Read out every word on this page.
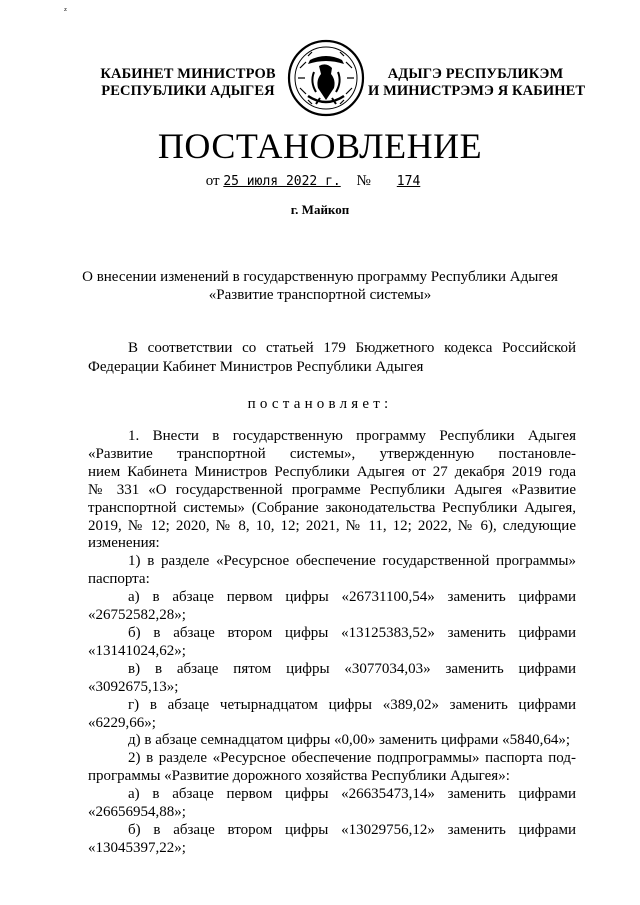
ᶻ
КАБИНЕТ МИНИСТРОВ
РЕСПУБЛИКИ АДЫГЕЯ
АДЫГЭ РЕСПУБЛИКЭМ
И МИНИСТРЭМЭ Я КАБИНЕТ
ПОСТАНОВЛЕНИЕ
от 25 июля 2022 г. № 174
г. Майкоп
О внесении изменений в государственную программу Республики Адыгея
«Развитие транспортной системы»
В соответствии со статьей 179 Бюджетного кодекса Российской
Федерации Кабинет Министров Республики Адыгея
постановляет:
1. Внести в государственную программу Республики Адыгея
«Развитие транспортной системы», утвержденную постановле-
нием Кабинета Министров Республики Адыгея от 27 декабря 2019 года
№ 331 «О государственной программе Республики Адыгея «Развитие
транспортной системы» (Собрание законодательства Республики Адыгея,
2019, № 12; 2020, № 8, 10, 12; 2021, № 11, 12; 2022, № 6), следующие
изменения:
1) в разделе «Ресурсное обеспечение государственной программы»
паспорта:
а) в абзаце первом цифры «26731100,54» заменить цифрами
«26752582,28»;
б) в абзаце втором цифры «13125383,52» заменить цифрами
«13141024,62»;
в) в абзаце пятом цифры «3077034,03» заменить цифрами
«3092675,13»;
г) в абзаце четырнадцатом цифры «389,02» заменить цифрами
«6229,66»;
д) в абзаце семнадцатом цифры «0,00» заменить цифрами «5840,64»;
2) в разделе «Ресурсное обеспечение подпрограммы» паспорта под-
программы «Развитие дорожного хозяйства Республики Адыгея»:
а) в абзаце первом цифры «26635473,14» заменить цифрами
«26656954,88»;
б) в абзаце втором цифры «13029756,12» заменить цифрами
«13045397,22»;
